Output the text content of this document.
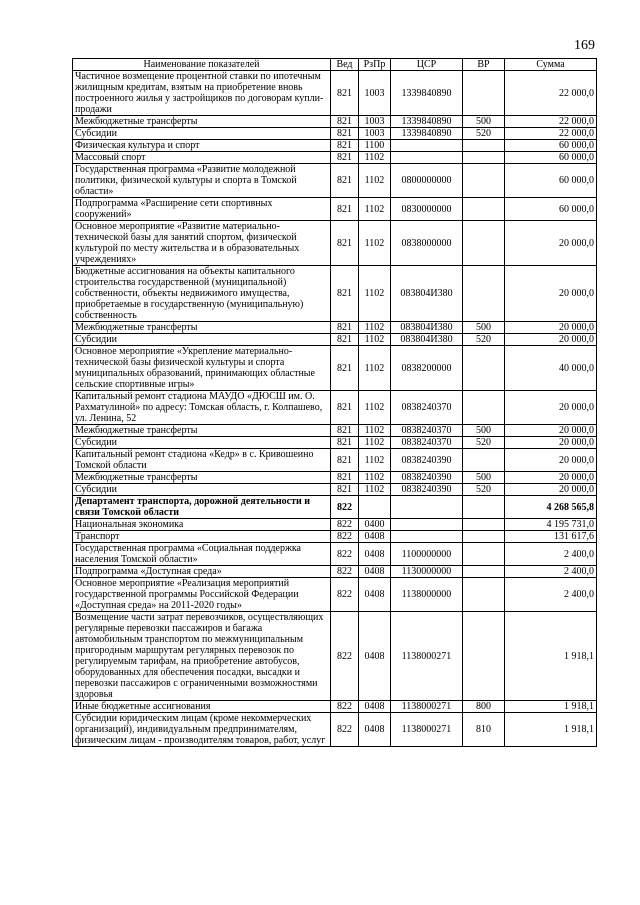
169
Наименование показателей	Вед	РзПр	ЦСР	ВР	Сумма
Частичное возмещение процентной ставки по ипотечным жилищным кредитам, взятым на приобретение вновь построенного жилья у застройщиков по договорам купли-продажи	821	1003	1339840890		22 000,0
Межбюджетные трансферты	821	1003	1339840890	500	22 000,0
Субсидии	821	1003	1339840890	520	22 000,0
Физическая культура и спорт	821	1100			60 000,0
Массовый спорт	821	1102			60 000,0
Государственная программа «Развитие молодежной политики, физической культуры и спорта в Томской области»	821	1102	0800000000		60 000,0
Подпрограмма «Расширение сети спортивных сооружений»	821	1102	0830000000		60 000,0
Основное мероприятие «Развитие материально-технической базы для занятий спортом, физической культурой по месту жительства и в образовательных учреждениях»	821	1102	0838000000		20 000,0
Бюджетные ассигнования на объекты капитального строительства государственной (муниципальной) собственности, объекты недвижимого имущества, приобретаемые в государственную (муниципальную) собственность	821	1102	083804И380		20 000,0
Межбюджетные трансферты	821	1102	083804И380	500	20 000,0
Субсидии	821	1102	083804И380	520	20 000,0
Основное мероприятие «Укрепление материально-технической базы физической культуры и спорта муниципальных образований, принимающих областные сельские спортивные игры»	821	1102	0838200000		40 000,0
Капитальный ремонт стадиона МАУДО «ДЮСШ им. О. Рахматулиной» по адресу: Томская область, г. Колпашево, ул. Ленина, 52	821	1102	0838240370		20 000,0
Межбюджетные трансферты	821	1102	0838240370	500	20 000,0
Субсидии	821	1102	0838240370	520	20 000,0
Капитальный ремонт стадиона «Кедр» в с. Кривошеино Томской области	821	1102	0838240390		20 000,0
Межбюджетные трансферты	821	1102	0838240390	500	20 000,0
Субсидии	821	1102	0838240390	520	20 000,0
Департамент транспорта, дорожной деятельности и связи Томской области	822				4 268 565,8
Национальная экономика	822	0400			4 195 731,0
Транспорт	822	0408			131 617,6
Государственная программа «Социальная поддержка населения Томской области»	822	0408	1100000000		2 400,0
Подпрограмма «Доступная среда»	822	0408	1130000000		2 400,0
Основное мероприятие «Реализация мероприятий государственной программы Российской Федерации «Доступная среда» на 2011-2020 годы»	822	0408	1138000000		2 400,0
Возмещение части затрат перевозчиков, осуществляющих регулярные перевозки пассажиров и багажа автомобильным транспортом по межмуниципальным пригородным маршрутам регулярных перевозок по регулируемым тарифам, на приобретение автобусов, оборудованных для обеспечения посадки, высадки и перевозки пассажиров с ограниченными возможностями здоровья	822	0408	1138000271		1 918,1
Иные бюджетные ассигнования	822	0408	1138000271	800	1 918,1
Субсидии юридическим лицам (кроме некоммерческих организаций), индивидуальным предпринимателям, физическим лицам - производителям товаров, работ, услуг	822	0408	1138000271	810	1 918,1
